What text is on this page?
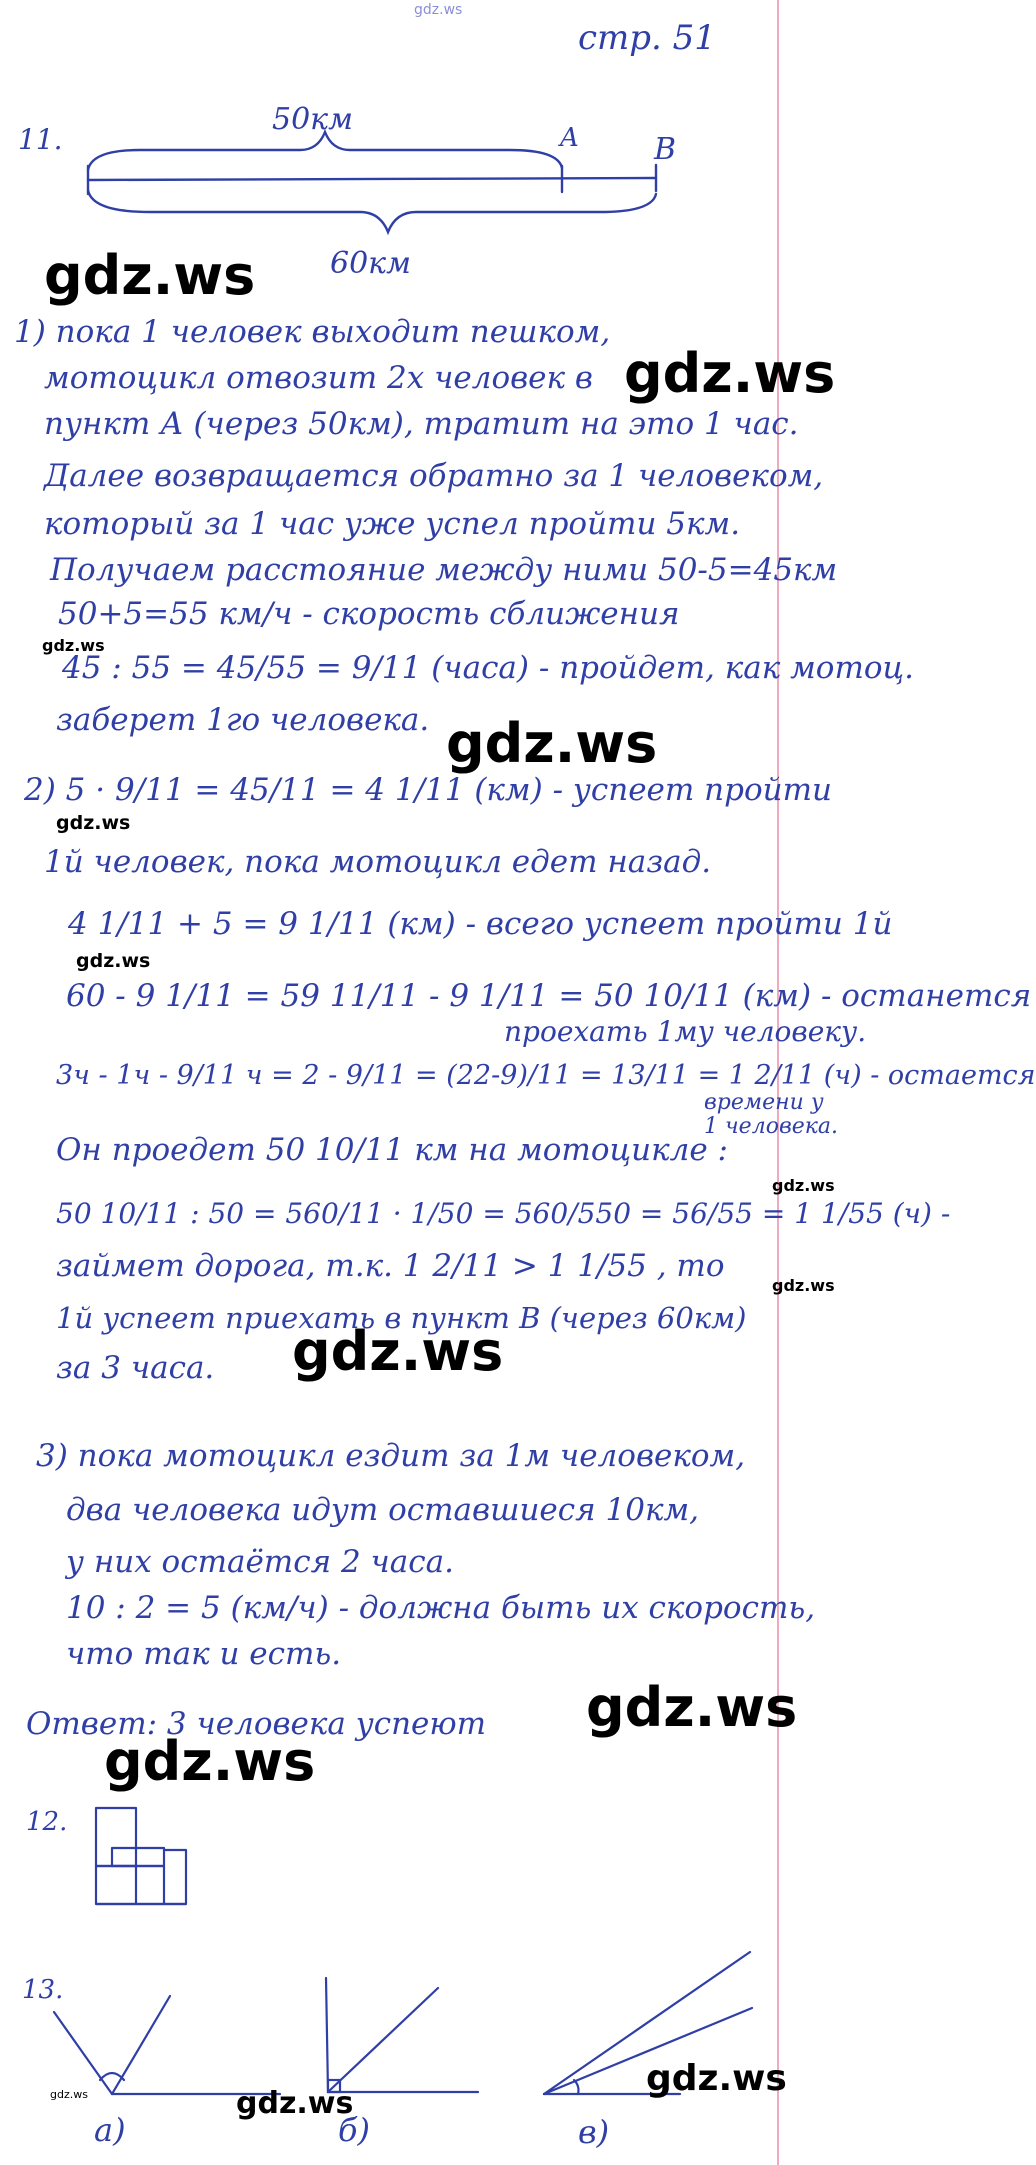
gdz.ws
стр. 51
11.
50км
60км
A	B
1) пока 1 человек выходит пешком,
мотоцикл отвозит 2х человек в
пункт А (через 50км), тратит на это 1 час.
Далее возвращается обратно за 1 человеком,
который за 1 час уже успел пройти 5км.
Получаем расстояние между ними 50-5=45км
50+5=55 км/ч - скорость сближения
45 : 55 = 45/55 = 9/11 (часа) - пройдет, как мотоц.
заберет 1го человека.
2) 5 · 9/11 = 45/11 = 4 1/11 (км) - успеет пройти
1й человек, пока мотоцикл едет назад.
4 1/11 + 5 = 9 1/11 (км) - всего успеет пройти 1й
60 - 9 1/11 = 59 11/11 - 9 1/11 = 50 10/11 (км) - останется
проехать 1му человеку.
3ч - 1ч - 9/11 ч = 2 - 9/11 = (22-9)/11 = 13/11 = 1 2/11 (ч) - остается
времени у
1 человека.
Он проедет 50 10/11 км на мотоцикле :
50 10/11 : 50 = 560/11 · 1/50 = 560/550 = 56/55 = 1 1/55 (ч) -
займет дорога, т.к. 1 2/11 > 1 1/55 , то
1й успеет приехать в пункт В (через 60км)
за 3 часа.
3) пока мотоцикл ездит за 1м человеком,
два человека идут оставшиеся 10км,
у них остаётся 2 часа.
10 : 2 = 5 (км/ч) - должна быть их скорость,
что так и есть.
Ответ: 3 человека успеют
12.
13.
а)	б)	в)
gdz.ws
gdz.ws
gdz.ws
gdz.ws
gdz.ws
gdz.ws
gdz.ws
gdz.ws
gdz.ws
gdz.ws
gdz.ws
gdz.ws
gdz.ws	gdz.ws
